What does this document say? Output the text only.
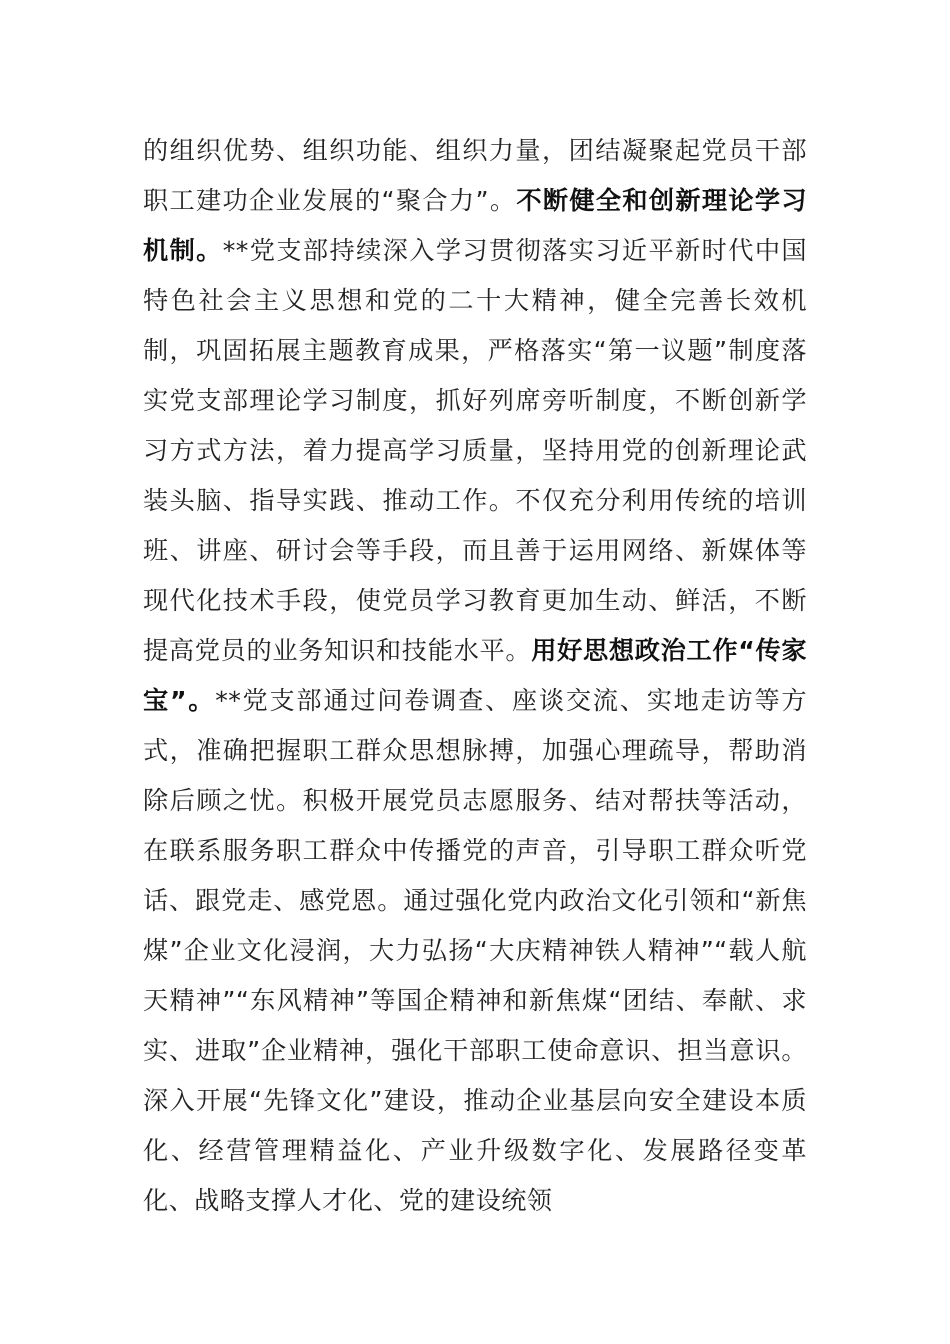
的组织优势、组织功能、组织力量，团结凝聚起党员干部职工建功企业发展的“聚合力”。不断健全和创新理论学习机制。**党支部持续深入学习贯彻落实习近平新时代中国特色社会主义思想和党的二十大精神，健全完善长效机制，巩固拓展主题教育成果，严格落实“第一议题”制度落实党支部理论学习制度，抓好列席旁听制度，不断创新学习方式方法，着力提高学习质量，坚持用党的创新理论武装头脑、指导实践、推动工作。不仅充分利用传统的培训班、讲座、研讨会等手段，而且善于运用网络、新媒体等现代化技术手段，使党员学习教育更加生动、鲜活，不断提高党员的业务知识和技能水平。用好思想政治工作“传家宝”。**党支部通过问卷调查、座谈交流、实地走访等方式，准确把握职工群众思想脉搏，加强心理疏导，帮助消除后顾之忧。积极开展党员志愿服务、结对帮扶等活动，在联系服务职工群众中传播党的声音，引导职工群众听党话、跟党走、感党恩。通过强化党内政治文化引领和“新焦煤”企业文化浸润，大力弘扬“大庆精神铁人精神”“载人航天精神”“东风精神”等国企精神和新焦煤“团结、奉献、求实、进取”企业精神，强化干部职工使命意识、担当意识。深入开展“先锋文化”建设，推动企业基层向安全建设本质化、经营管理精益化、产业升级数字化、发展路径变革化、战略支撑人才化、党的建设统领
